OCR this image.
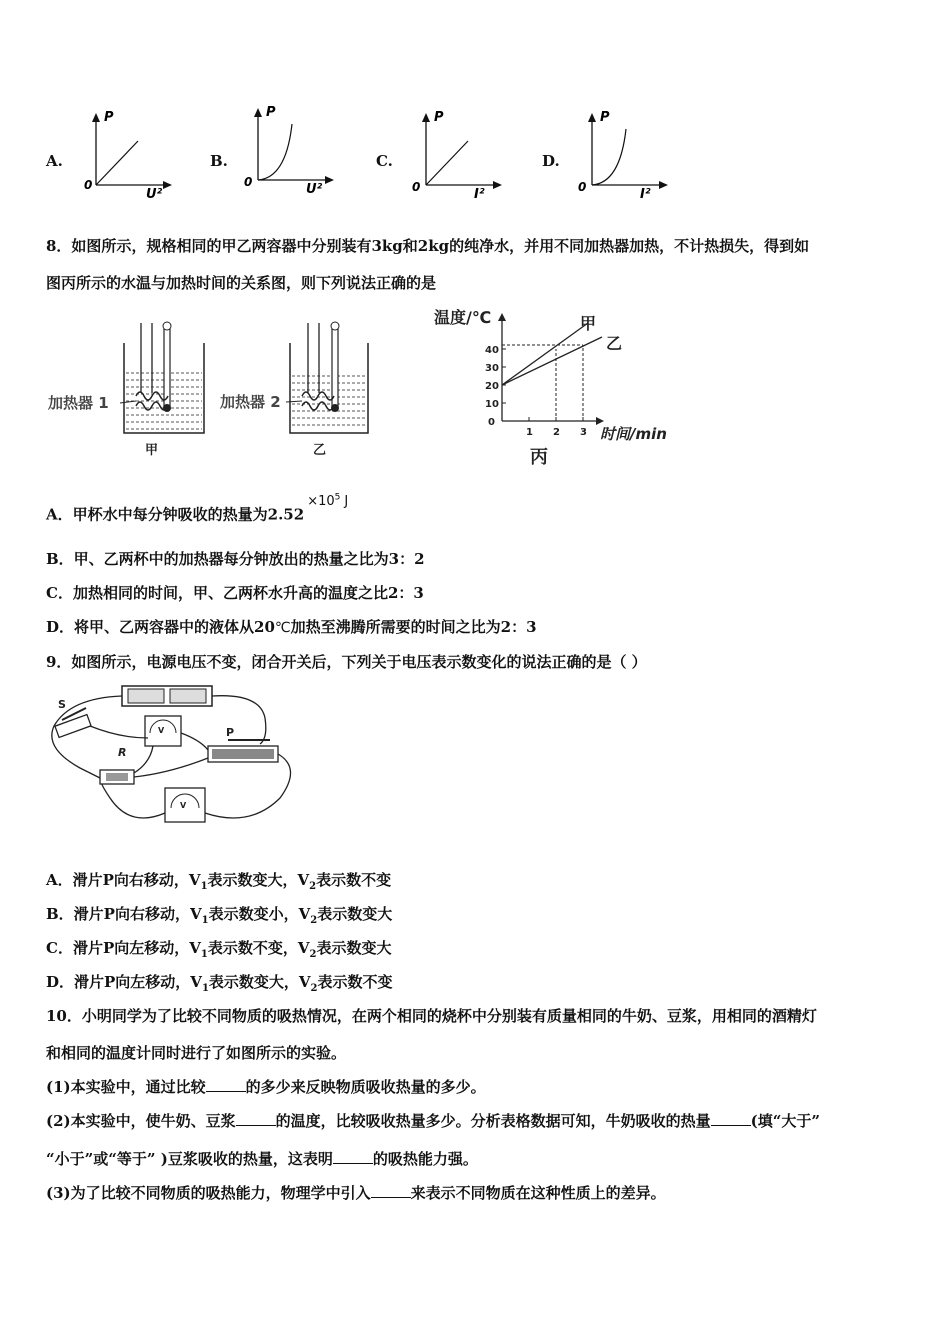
A.
P
0
U²
B.
P
0	U²
C.
P
0	I²
D.
P
0	I²
8．如图所示，规格相同的甲乙两容器中分别装有3kg和2kg的纯净水，并用不同加热器加热，不计热损失，得到如
图丙所示的水温与加热时间的关系图，则下列说法正确的是
加热器 1
甲
加热器 2
乙
0
10
20
30
40
1 2 3
温度/℃	甲
乙
时间/min
丙
A．甲杯水中每分钟吸收的热量为$2.52\times 10^5$ J
B．甲、乙两杯中的加热器每分钟放出的热量之比为3：2
C．加热相同的时间，甲、乙两杯水升高的温度之比2：3
D．将甲、乙两容器中的液体从20℃加热至沸腾所需要的时间之比为2：3
9．如图所示，电源电压不变，闭合开关后，下列关于电压表示数变化的说法正确的是（ ）
S
V
R
P
V
A．滑片P向右移动，$V_1$表示数变大，$V_2$表示数不变
B．滑片P向右移动，$V_1$表示数变小，$V_2$表示数变大
C．滑片P向左移动，$V_1$表示数不变，$V_2$表示数变大
D．滑片P向左移动，$V_1$表示数变大，$V_2$表示数不变
10．小明同学为了比较不同物质的吸热情况，在两个相同的烧杯中分别装有质量相同的牛奶、豆浆，用相同的酒精灯
和相同的温度计同时进行了如图所示的实验。
(1)本实验中，通过比较	的多少来反映物质吸收热量的多少。
(2)本实验中，使牛奶、豆浆	的温度，比较吸收热量多少。分析表格数据可知，牛奶吸收的热量	(填“大于”
“小于”或“等于” )豆浆吸收的热量，这表明	的吸热能力强。
(3)为了比较不同物质的吸热能力，物理学中引入	来表示不同物质在这种性质上的差异。
